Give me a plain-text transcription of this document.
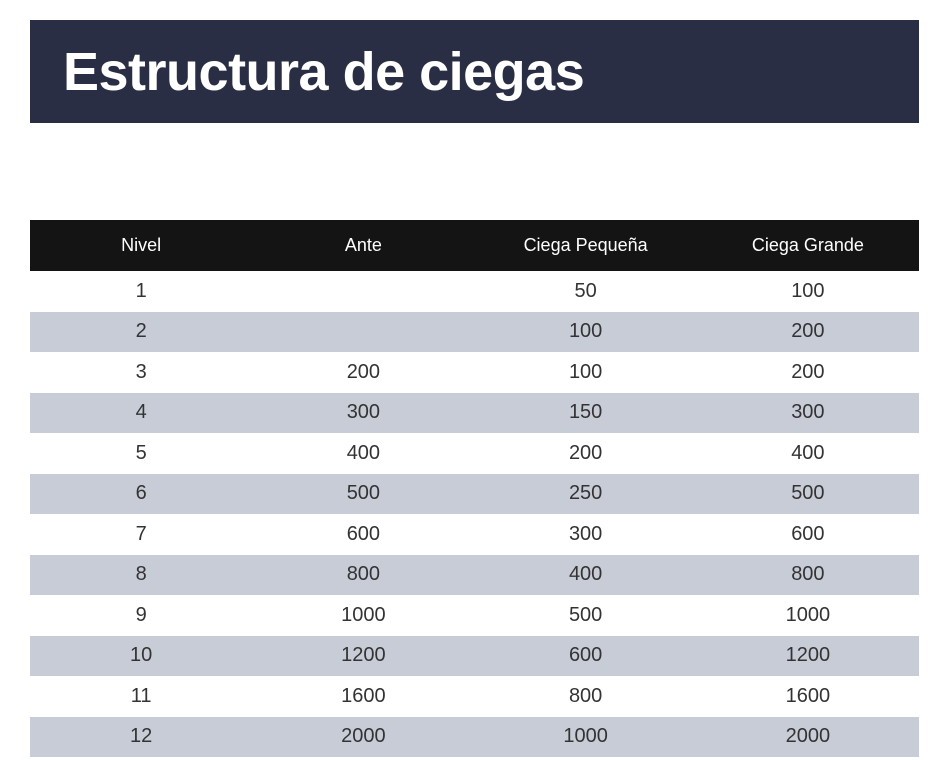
Estructura de ciegas
Nivel	Ante	Ciega Pequeña	Ciega Grande
1		50	100
2		100	200
3	200	100	200
4	300	150	300
5	400	200	400
6	500	250	500
7	600	300	600
8	800	400	800
9	1000	500	1000
10	1200	600	1200
11	1600	800	1600
12	2000	1000	2000
